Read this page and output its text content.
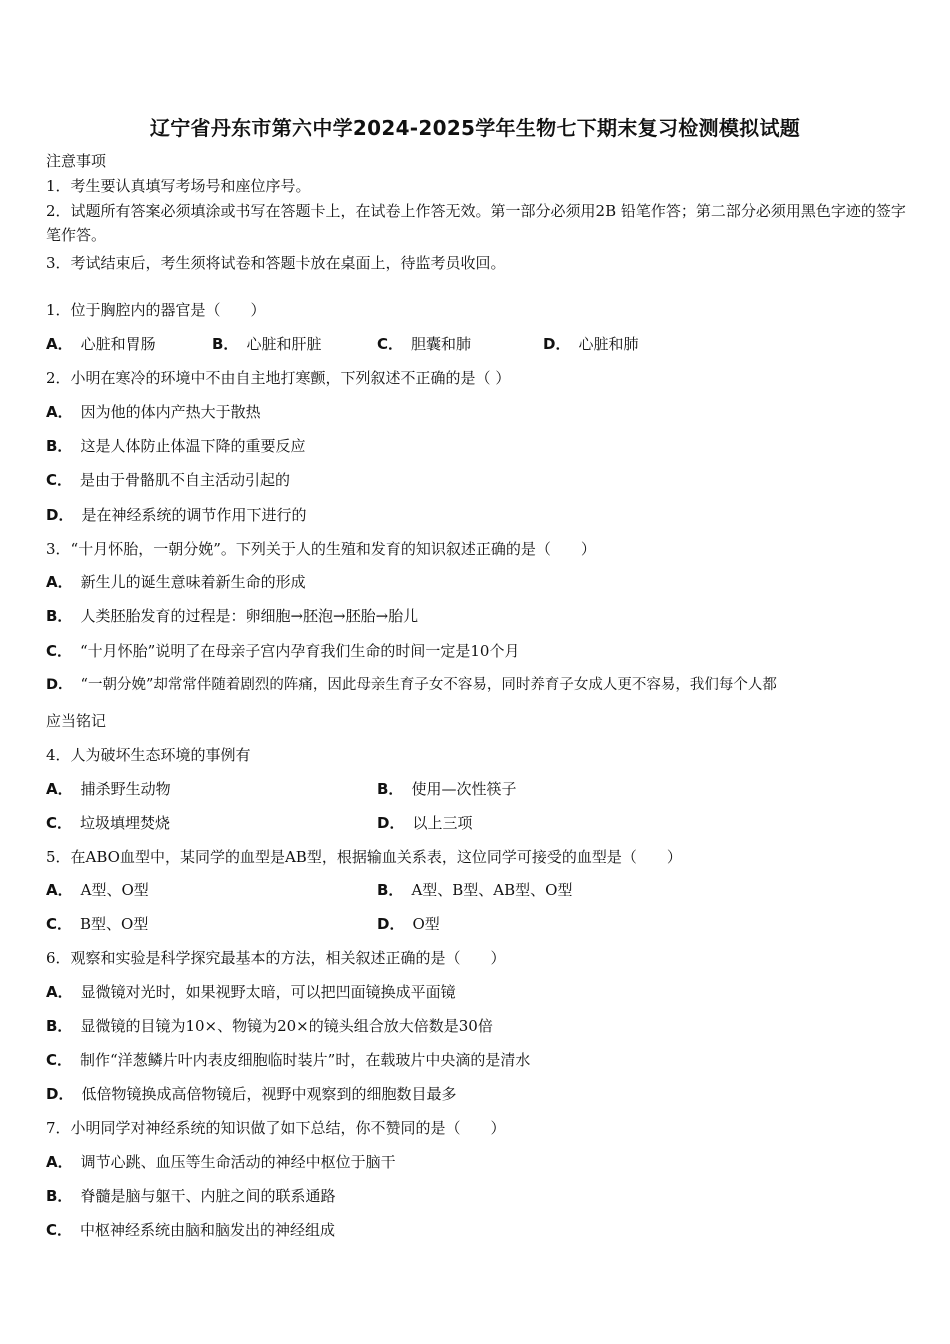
辽宁省丹东市第六中学2024-2025学年生物七下期末复习检测模拟试题
注意事项
1．考生要认真填写考场号和座位序号。
2．试题所有答案必须填涂或书写在答题卡上，在试卷上作答无效。第一部分必须用2B 铅笔作答；第二部分必须用黑色字迹的签字笔作答。
3．考试结束后，考生须将试卷和答题卡放在桌面上，待监考员收回。
1．位于胸腔内的器官是（　　）
A． 心脏和胃肠	B． 心脏和肝脏	C． 胆囊和肺	D． 心脏和肺
2．小明在寒冷的环境中不由自主地打寒颤，下列叙述不正确的是（ ）
A． 因为他的体内产热大于散热
B． 这是人体防止体温下降的重要反应
C． 是由于骨骼肌不自主活动引起的
D． 是在神经系统的调节作用下进行的
3．“十月怀胎，一朝分娩”。下列关于人的生殖和发育的知识叙述正确的是（　　）
A． 新生儿的诞生意味着新生命的形成
B． 人类胚胎发育的过程是：卵细胞→胚泡→胚胎→胎儿
C． “十月怀胎”说明了在母亲子宫内孕育我们生命的时间一定是10个月
D． “一朝分娩”却常常伴随着剧烈的阵痛，因此母亲生育子女不容易，同时养育子女成人更不容易，我们每个人都
应当铭记
4．人为破坏生态环境的事例有
A． 捕杀野生动物	B． 使用—次性筷子
C． 垃圾填埋焚烧	D． 以上三项
5．在ABO血型中，某同学的血型是AB型，根据输血关系表，这位同学可接受的血型是（　　）
A． A型、O型	B． A型、B型、AB型、O型
C． B型、O型	D． O型
6．观察和实验是科学探究最基本的方法，相关叙述正确的是（　　）
A． 显微镜对光时，如果视野太暗，可以把凹面镜换成平面镜
B． 显微镜的目镜为10×、物镜为20×的镜头组合放大倍数是30倍
C． 制作“洋葱鳞片叶内表皮细胞临时装片”时，在载玻片中央滴的是清水
D． 低倍物镜换成高倍物镜后，视野中观察到的细胞数目最多
7．小明同学对神经系统的知识做了如下总结，你不赞同的是（　　）
A． 调节心跳、血压等生命活动的神经中枢位于脑干
B． 脊髓是脑与躯干、内脏之间的联系通路
C． 中枢神经系统由脑和脑发出的神经组成
